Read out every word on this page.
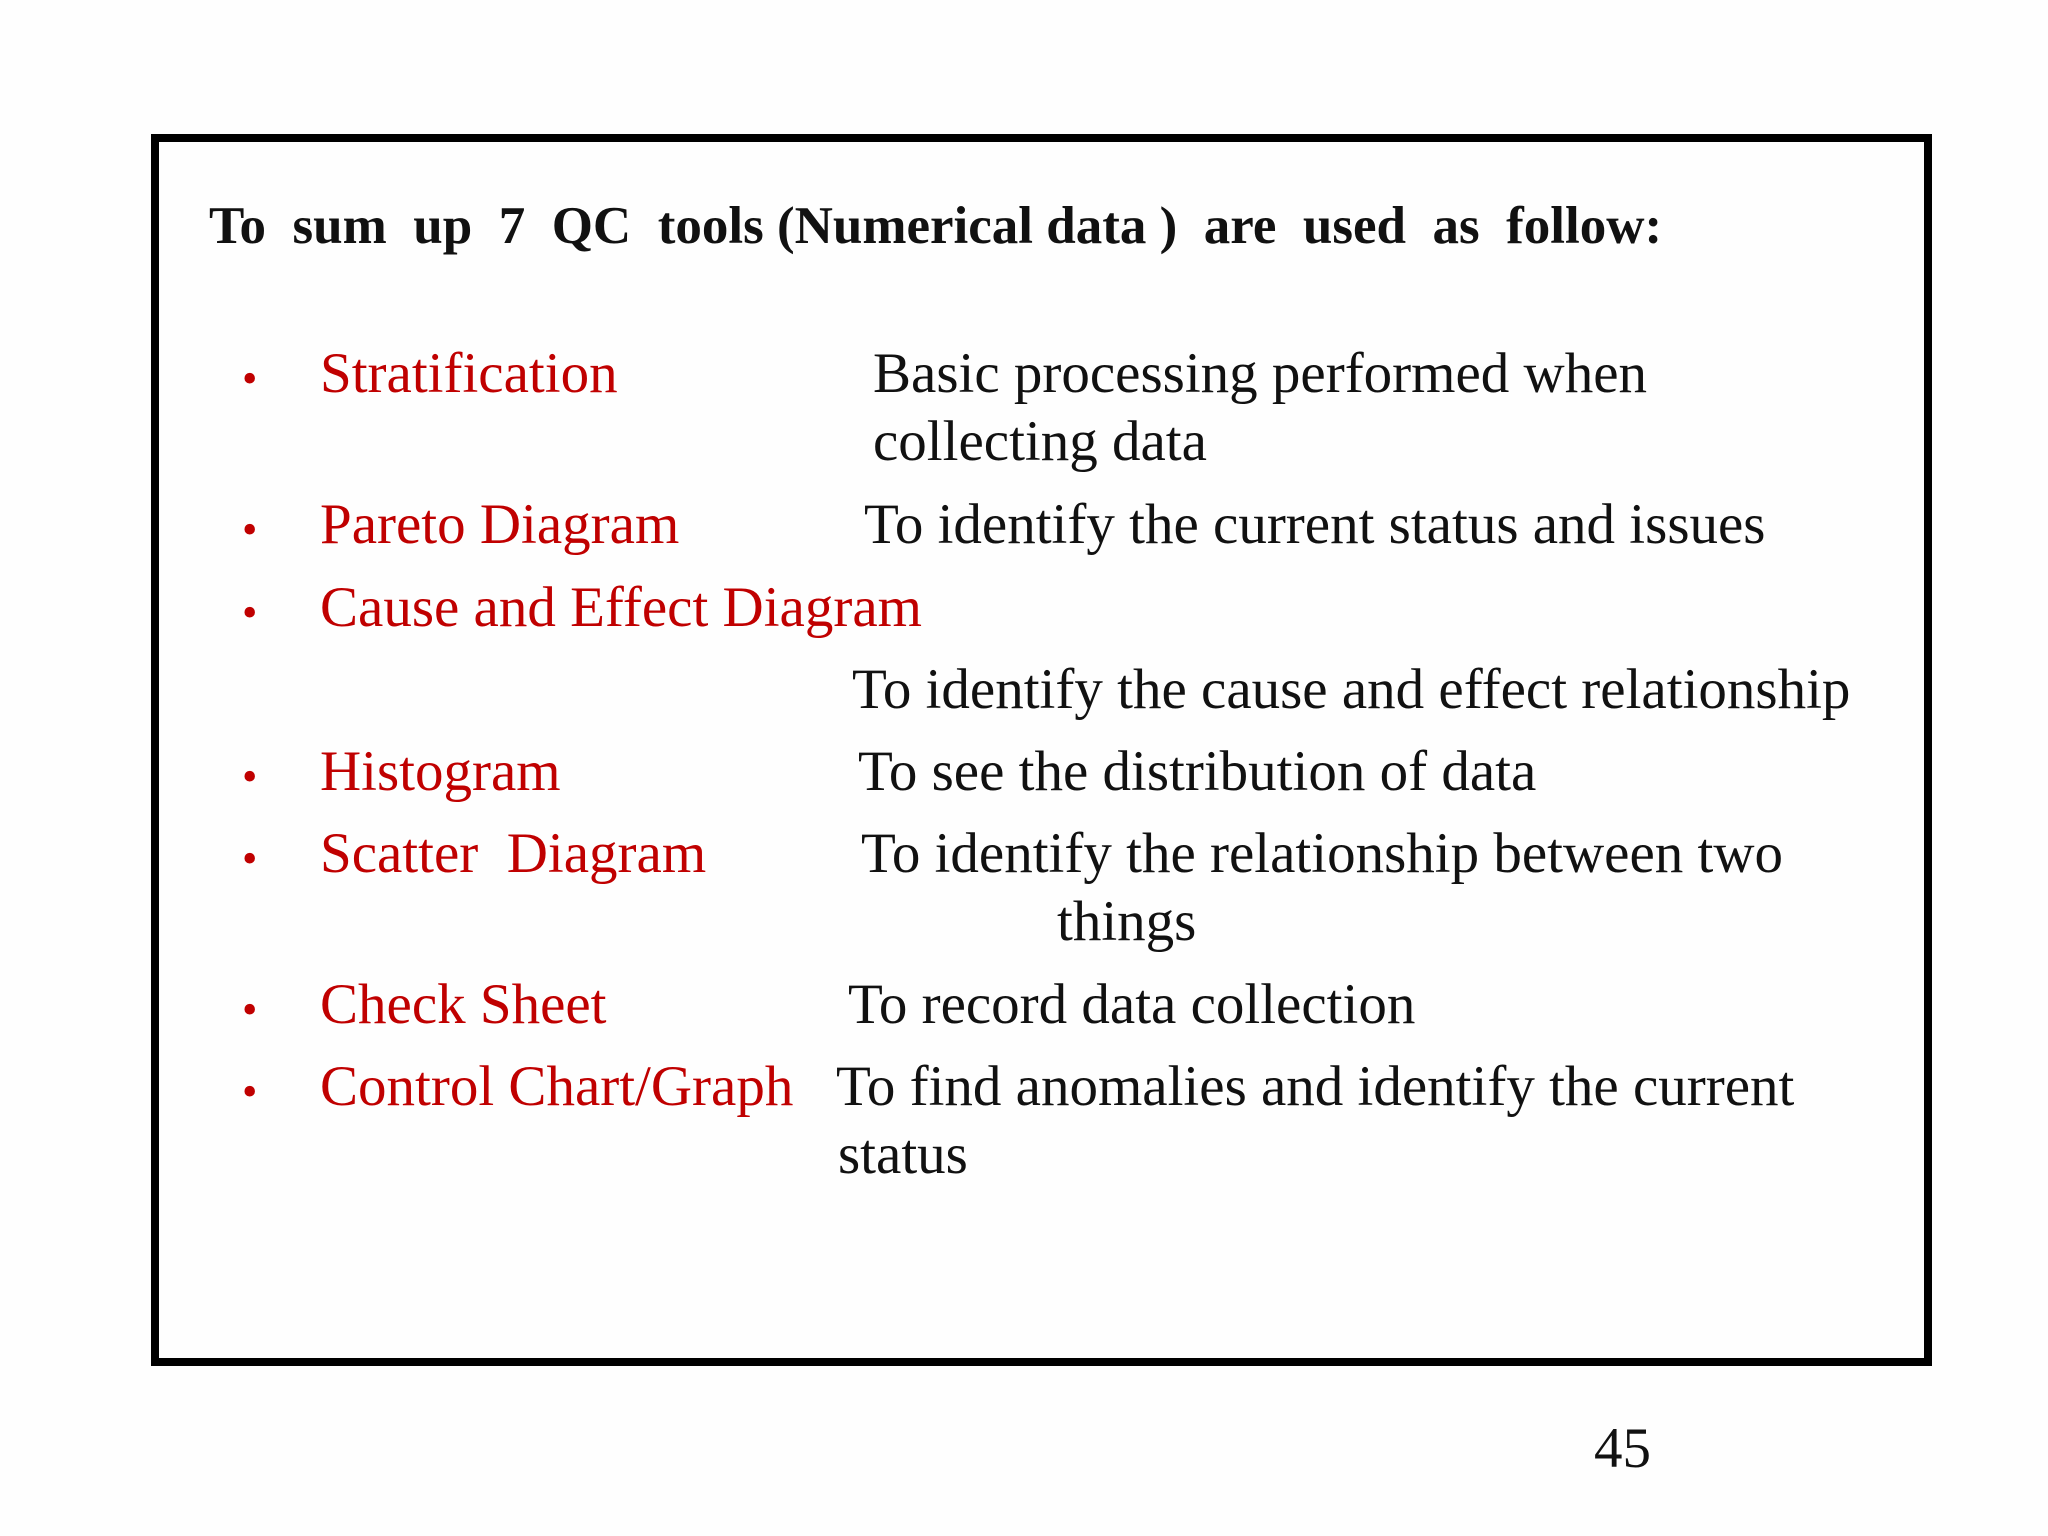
To  sum  up  7  QC  tools (Numerical data )  are  used  as  follow:
• Stratification	Basic processing performed when
collecting data
• Pareto Diagram	To identify the current status and issues
• Cause and Effect Diagram
To identify the cause and effect relationship
• Histogram	To see the distribution of data
• Scatter  Diagram	To identify the relationship between two
things
• Check Sheet	To record data collection
• Control Chart/Graph To find anomalies and identify the current
status
45
